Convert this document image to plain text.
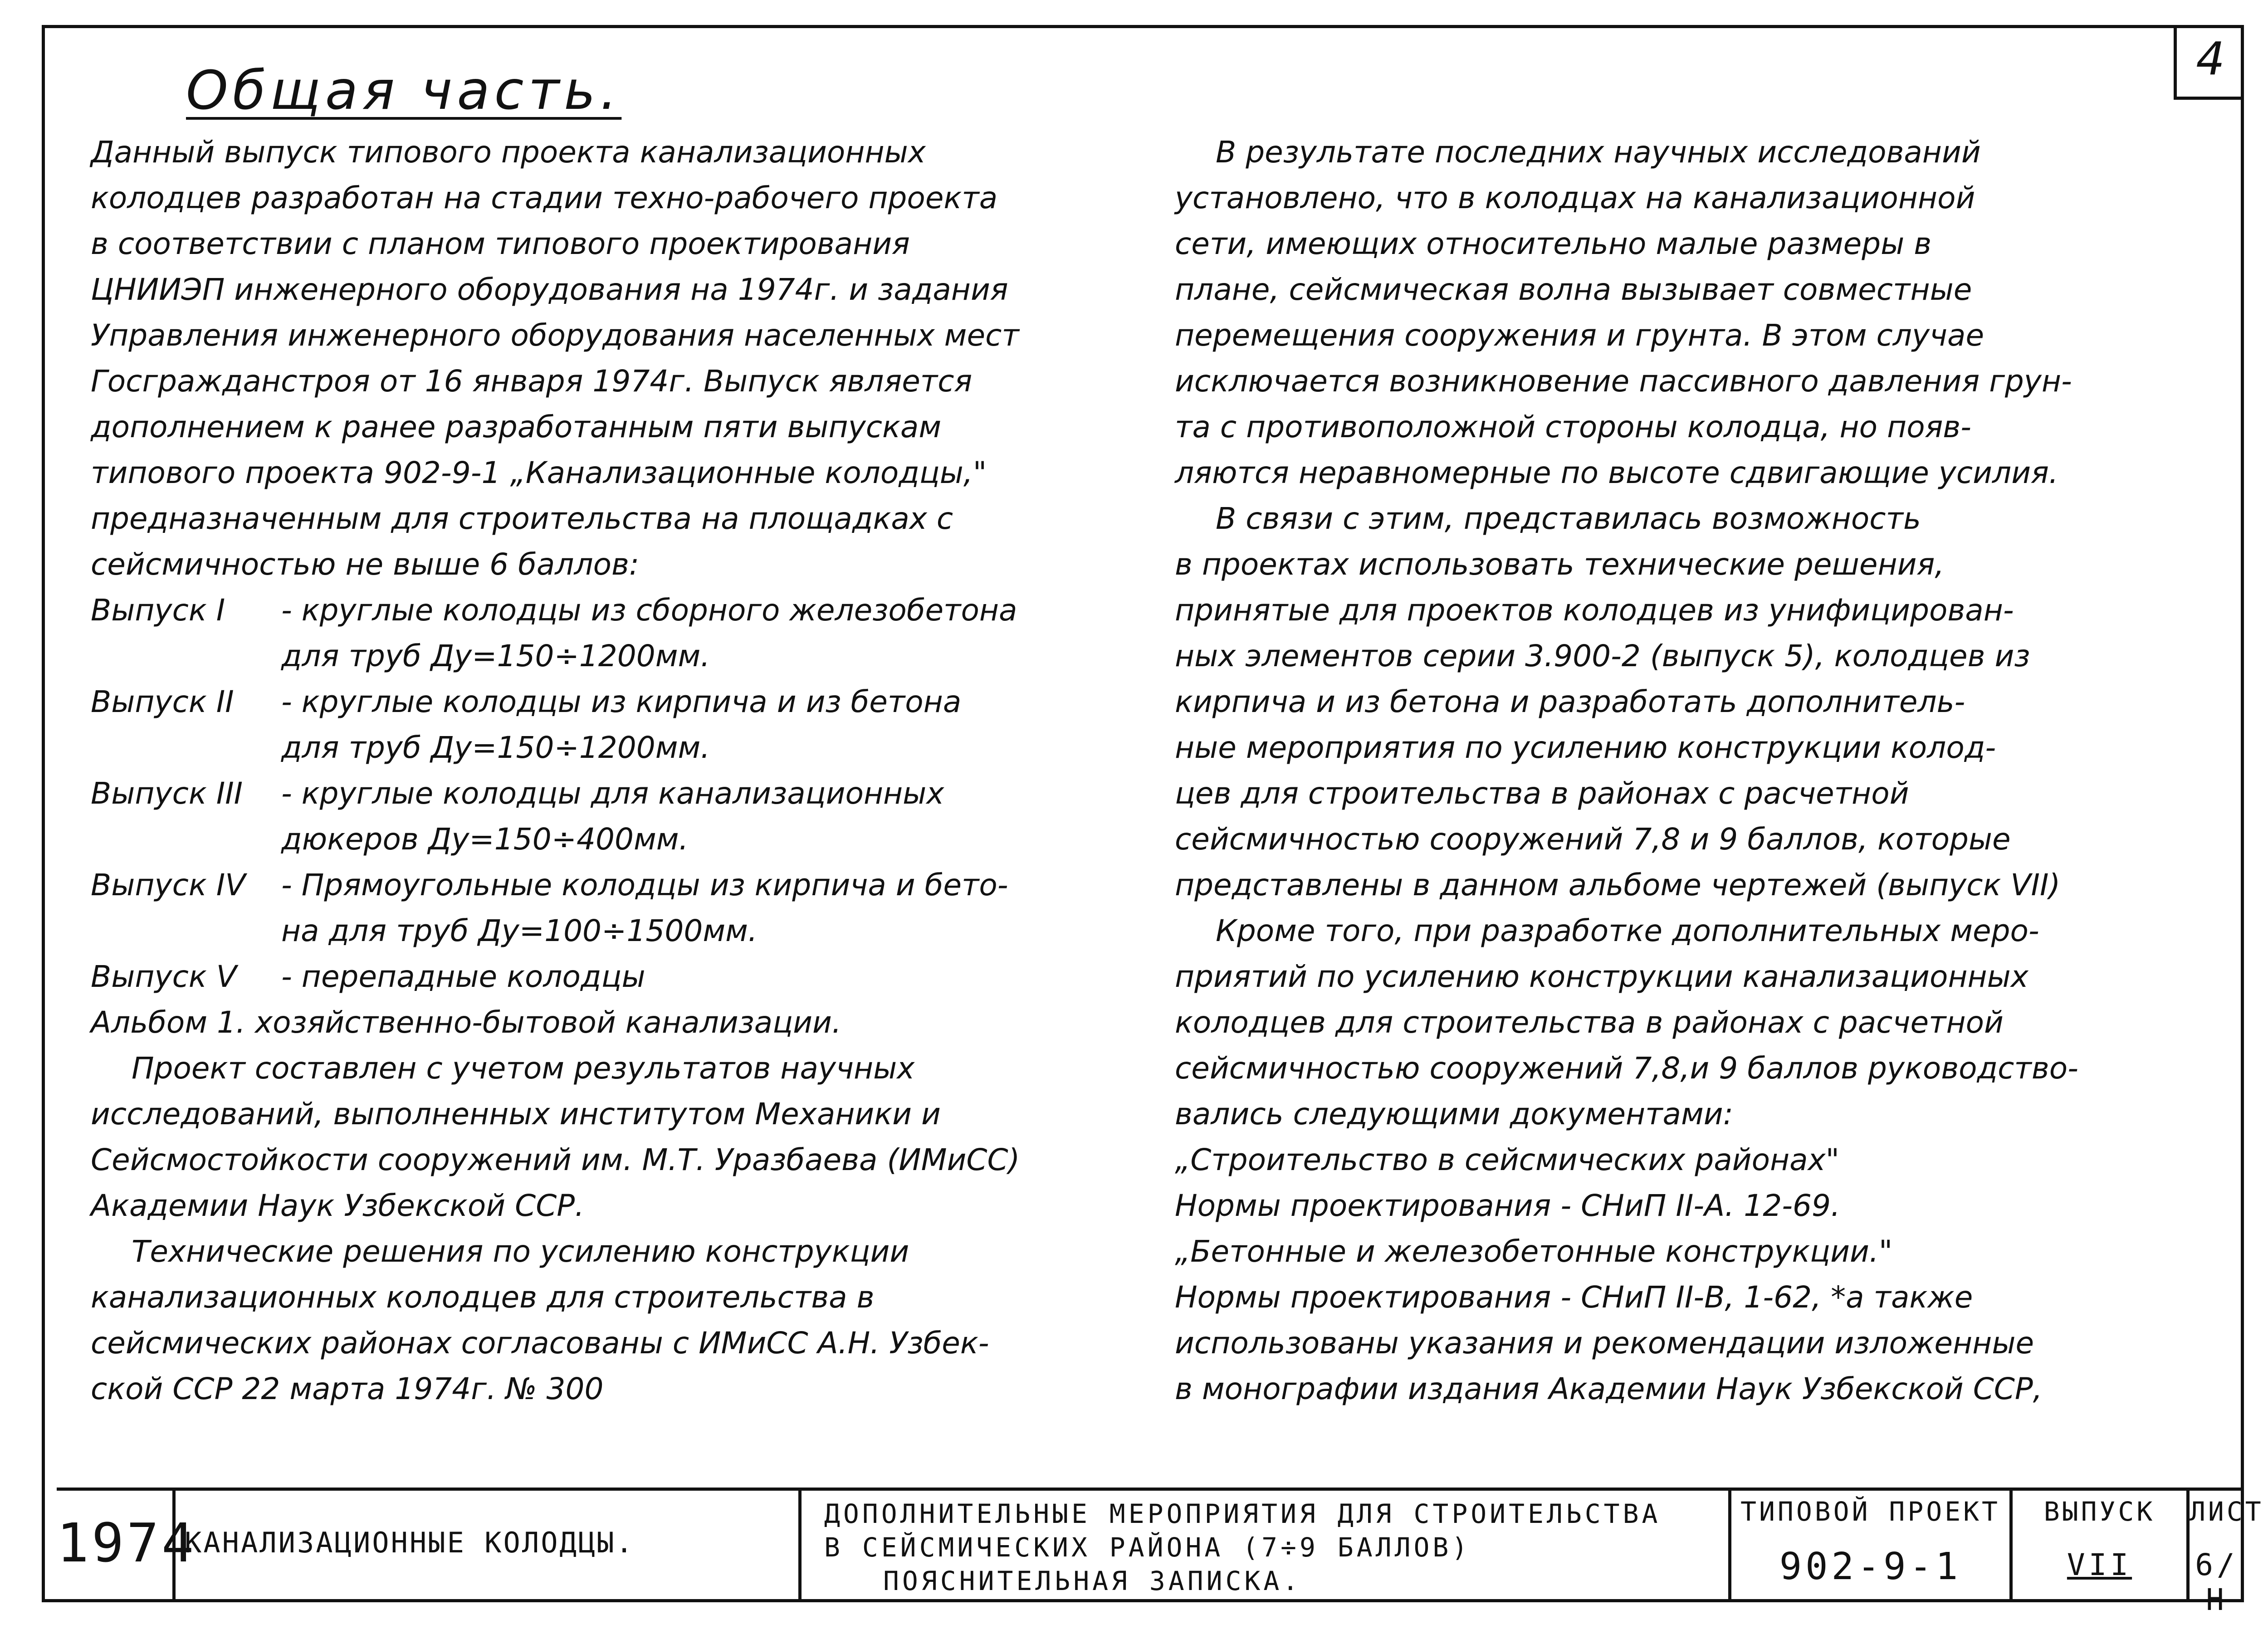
4
Общая часть.

Данный выпуск типового проекта канализационных

колодцев разработан на стадии техно-рабочего проекта

в соответствии с планом типового проектирования

ЦНИИЭП инженерного оборудования на 1974г. и задания

Управления инженерного оборудования населенных мест

Госгражданстроя от 16 января 1974г. Выпуск является

дополнением к ранее разработанным пяти выпускам

типового проекта 902-9-1 „Канализационные колодцы,"

предназначенным для строительства на площадках с

сейсмичностью не выше 6 баллов:

Выпуск I	- круглые колодцы из сборного железобетона
для труб Ду=150÷1200мм.
Выпуск II	- круглые колодцы из кирпича и из бетона
для труб Ду=150÷1200мм.
Выпуск III	- круглые колодцы для канализационных
дюкеров Ду=150÷400мм.
Выпуск IV	- Прямоугольные колодцы из кирпича и бето-
на для труб Ду=100÷1500мм.
Выпуск V	- перепадные колодцы

Альбом 1. хозяйственно-бытовой канализации.

Проект составлен с учетом результатов научных

исследований, выполненных институтом Механики и

Сейсмостойкости сооружений им. М.Т. Уразбаева (ИМиСС)

Академии Наук Узбекской ССР.

Технические решения по усилению конструкции

канализационных колодцев для строительства в

сейсмических районах согласованы с ИМиСС А.Н. Узбек-

ской ССР 22 марта 1974г. № 300

В результате последних научных исследований

установлено, что в колодцах на канализационной

сети, имеющих относительно малые размеры в

плане, сейсмическая волна вызывает совместные

перемещения сооружения и грунта. В этом случае

исключается возникновение пассивного давления грун-

та с противоположной стороны колодца, но появ-

ляются неравномерные по высоте сдвигающие усилия.

В связи с этим, представилась возможность

в проектах использовать технические решения,

принятые для проектов колодцев из унифицирован-

ных элементов серии 3.900-2 (выпуск 5), колодцев из

кирпича и из бетона и разработать дополнитель-

ные мероприятия по усилению конструкции колод-

цев для строительства в районах с расчетной

сейсмичностью сооружений 7,8 и 9 баллов, которые

представлены в данном альбоме чертежей (выпуск VII)

Кроме того, при разработке дополнительных меро-

приятий по усилению конструкции канализационных

колодцев для строительства в районах с расчетной

сейсмичностью сооружений 7,8,и 9 баллов руководство-

вались следующими документами:

„Строительство в сейсмических районах"

Нормы проектирования - СНиП II-А. 12-69.

„Бетонные и железобетонные конструкции."

Нормы проектирования - СНиП II-В, 1-62, *а также

использованы указания и рекомендации изложенные

в монографии издания Академии Наук Узбекской ССР,

1974
КАНАЛИЗАЦИОННЫЕ КОЛОДЦЫ.
ДОПОЛНИТЕЛЬНЫЕ МЕРОПРИЯТИЯ ДЛЯ СТРОИТЕЛЬСТВА
В СЕЙСМИЧЕСКИХ РАЙОНА (7÷9 БАЛЛОВ)
ПОЯСНИТЕЛЬНАЯ ЗАПИСКА.
ТИПОВОЙ ПРОЕКТ
902-9-1
ВЫПУСК
VII
ЛИСТ
6/Н
